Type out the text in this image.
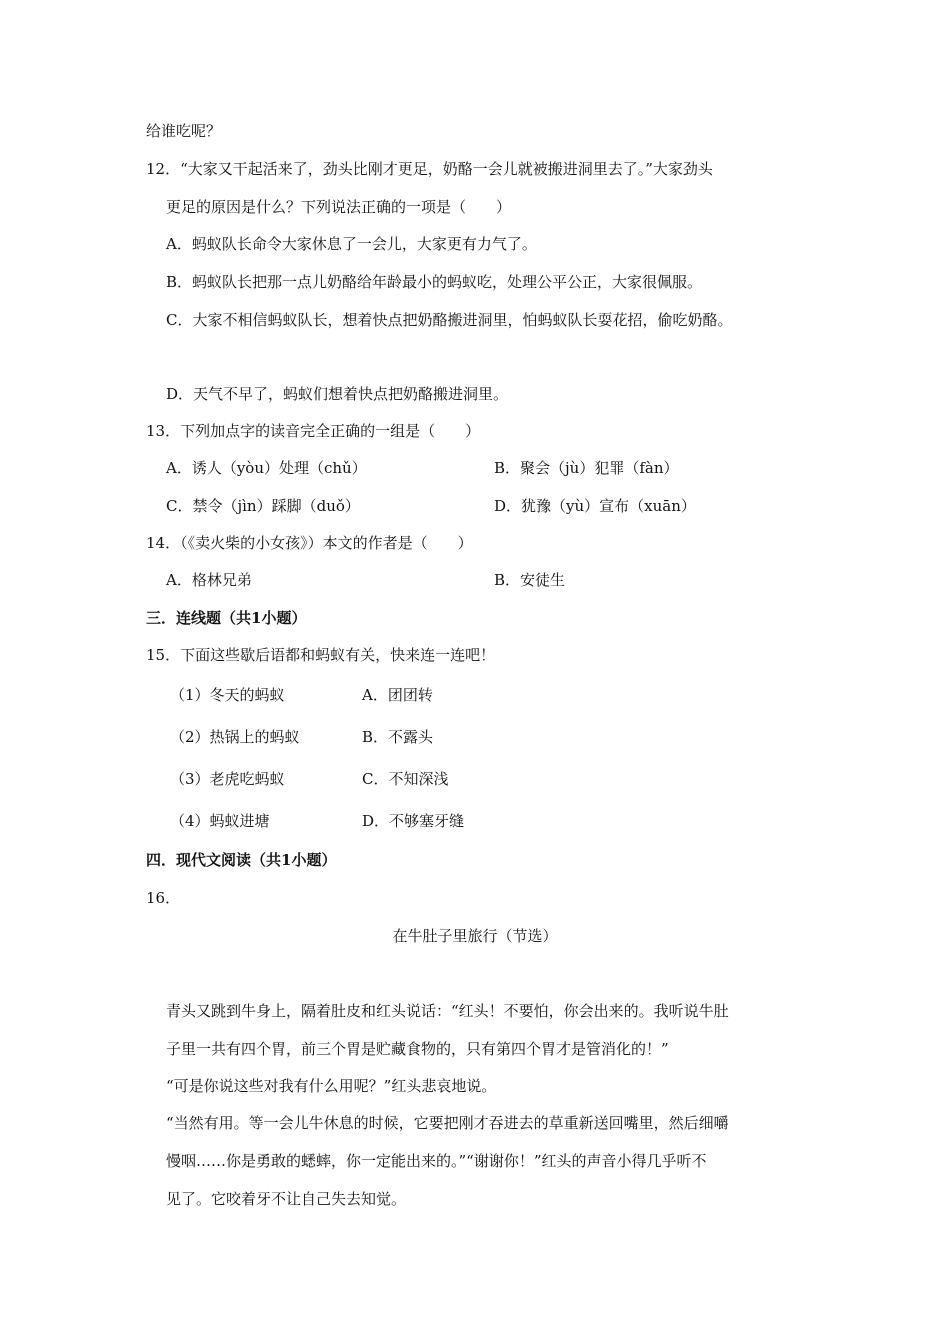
给谁吃呢？
12．“大家又干起活来了，劲头比刚才更足，奶酪一会儿就被搬进洞里去了。”大家劲头
更足的原因是什么？下列说法正确的一项是（　　）
A．蚂蚁队长命令大家休息了一会儿，大家更有力气了。
B．蚂蚁队长把那一点儿奶酪给年龄最小的蚂蚁吃，处理公平公正，大家很佩服。
C．大家不相信蚂蚁队长，想着快点把奶酪搬进洞里，怕蚂蚁队长耍花招，偷吃奶酪。
D．天气不早了，蚂蚁们想着快点把奶酪搬进洞里。
13．下列加点字的读音完全正确的一组是（　　）
A．诱人（yòu）处理（chǔ）	B．聚会（jù）犯罪（fàn）
C．禁令（jìn）踩脚（duǒ）	D．犹豫（yù）宣布（xuān）
14．（《卖火柴的小女孩》）本文的作者是（　　）
A．格林兄弟	B．安徒生
三．连线题（共1小题）
15．下面这些歇后语都和蚂蚁有关，快来连一连吧！
（1）冬天的蚂蚁	A．团团转
（2）热锅上的蚂蚁	B．不露头
（3）老虎吃蚂蚁	C．不知深浅
（4）蚂蚁进塘	D．不够塞牙缝
四．现代文阅读（共1小题）
16．
在牛肚子里旅行（节选）
青头又跳到牛身上，隔着肚皮和红头说话：“红头！不要怕，你会出来的。我听说牛肚
子里一共有四个胃，前三个胃是贮藏食物的，只有第四个胃才是管消化的！”
“可是你说这些对我有什么用呢？”红头悲哀地说。
“当然有用。等一会儿牛休息的时候，它要把刚才吞进去的草重新送回嘴里，然后细嚼
慢咽……你是勇敢的蟋蟀，你一定能出来的。”“谢谢你！”红头的声音小得几乎听不
见了。它咬着牙不让自己失去知觉。
